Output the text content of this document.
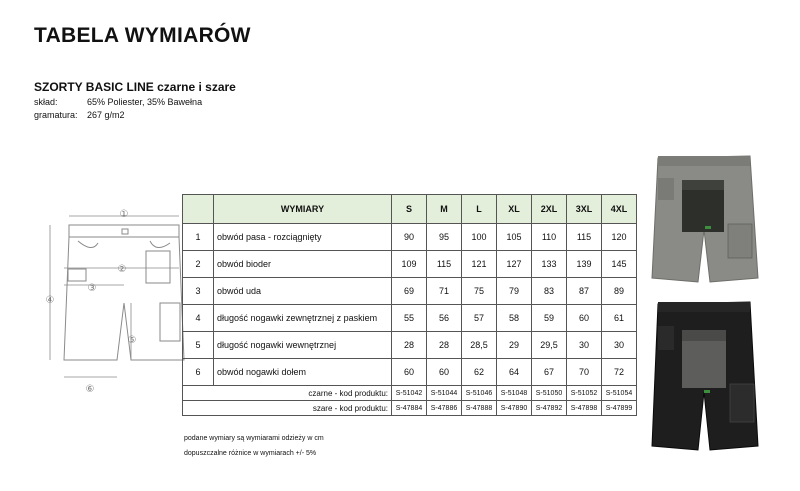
TABELA WYMIARÓW
SZORTY BASIC LINE czarne i szare
skład:	65% Poliester, 35% Bawełna
gramatura: 267 g/m2
①
②
③
④
⑤
⑥
	WYMIARY	S	M	L	XL	2XL	3XL	4XL
1	obwód pasa - rozciągnięty	90	95	100	105	110	115	120
2	obwód bioder	109	115	121	127	133	139	145
3	obwód uda	69	71	75	79	83	87	89
4	długość nogawki zewnętrznej z paskiem	55	56	57	58	59	60	61
5	długość nogawki wewnętrznej	28	28	28,5	29	29,5	30	30
6	obwód nogawki dołem	60	60	62	64	67	70	72
czarne - kod produktu:		S-51042	S-51044	S-51046	S-51048	S-51050	S-51052	S-51054
szare - kod produktu:		S-47884	S-47886	S-47888	S-47890	S-47892	S-47898	S-47899
podane wymiary są wymiarami odzieży w cm
dopuszczalne różnice w wymiarach +/- 5%
